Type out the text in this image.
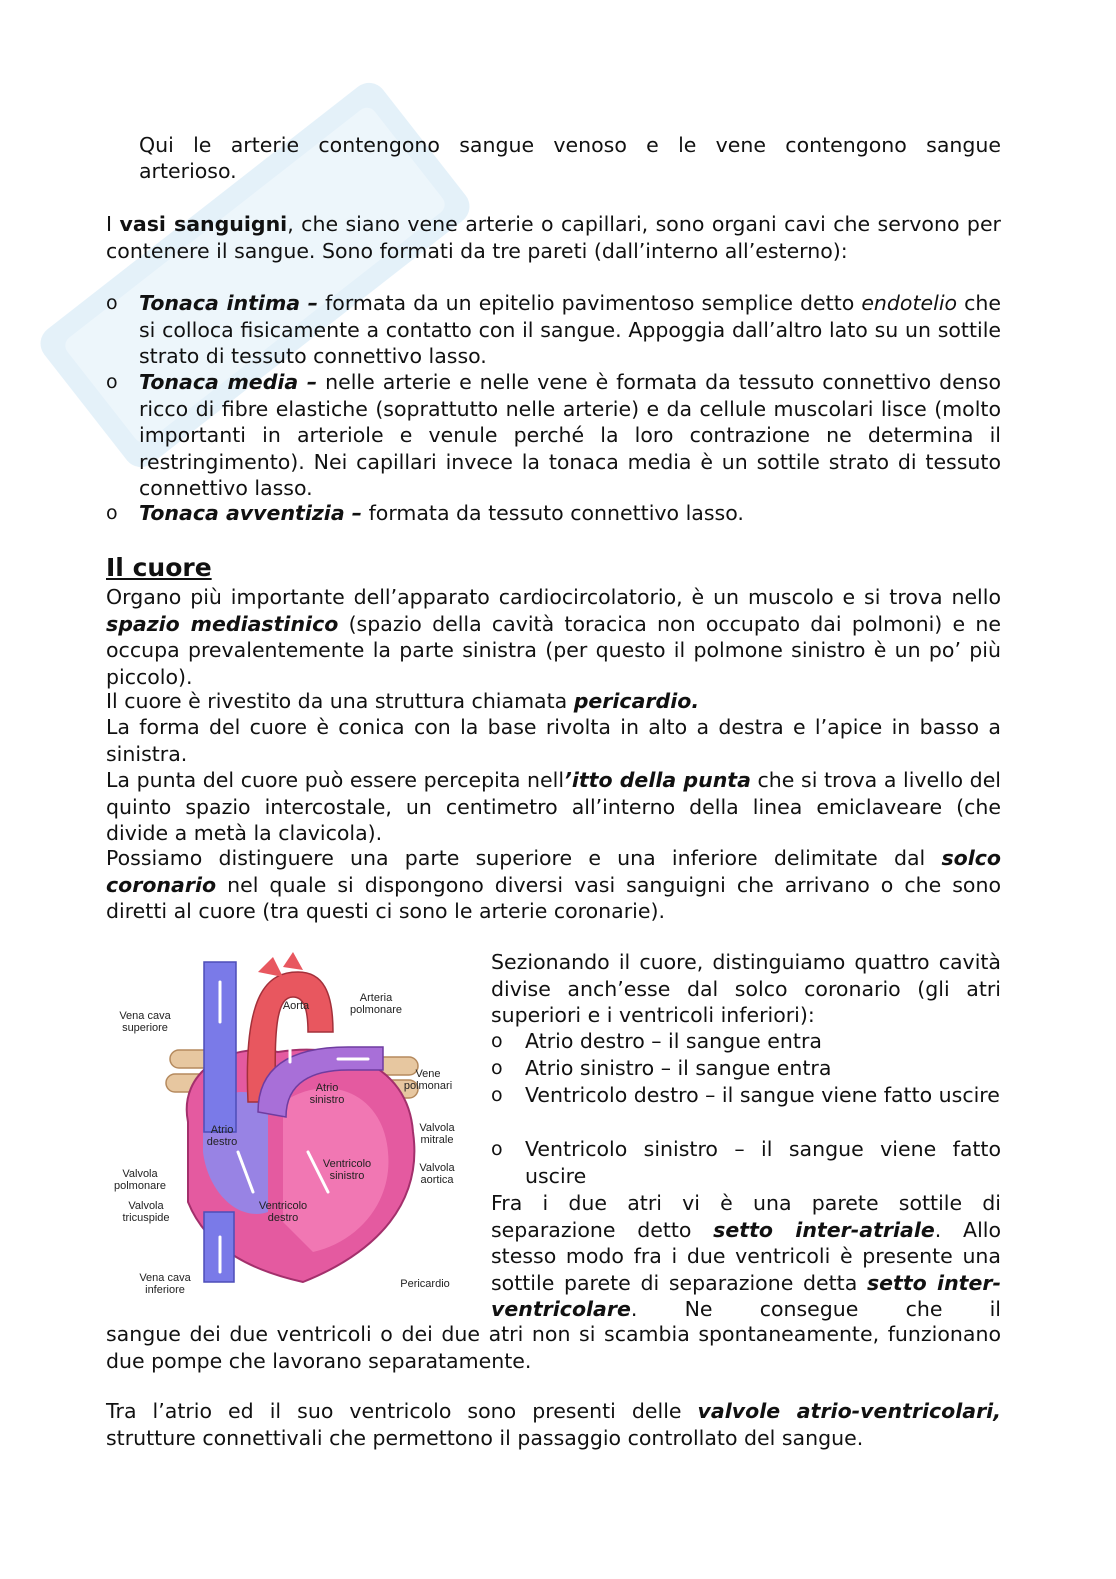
Qui le arterie contengono sangue venoso e le vene contengono sangue
arterioso.
I vasi sanguigni, che siano vene arterie o capillari, sono organi cavi che servono per contenere il sangue. Sono formati da tre pareti (dall’interno all’esterno):
o Tonaca intima – formata da un epitelio pavimentoso semplice detto endotelio che si colloca fisicamente a contatto con il sangue. Appoggia dall’altro lato su un sottile strato di tessuto connettivo lasso.
o Tonaca media – nelle arterie e nelle vene è formata da tessuto connettivo denso ricco di fibre elastiche (soprattutto nelle arterie) e da cellule muscolari lisce (molto importanti in arteriole e venule perché la loro contrazione ne determina il restringimento). Nei capillari invece la tonaca media è un sottile strato di tessuto connettivo lasso.
o Tonaca avventizia – formata da tessuto connettivo lasso.
Il cuore
Organo più importante dell’apparato cardiocircolatorio, è un muscolo e si trova nello spazio mediastinico (spazio della cavità toracica non occupato dai polmoni) e ne occupa prevalentemente la parte sinistra (per questo il polmone sinistro è un po’ più piccolo).
Il cuore è rivestito da una struttura chiamata pericardio.
La forma del cuore è conica con la base rivolta in alto a destra e l’apice in basso a sinistra.
La punta del cuore può essere percepita nell’itto della punta che si trova a livello del quinto spazio intercostale, un centimetro all’interno della linea emiclaveare (che divide a metà la clavicola).
Possiamo distinguere una parte superiore e una inferiore delimitate dal solco coronario nel quale si dispongono diversi vasi sanguigni che arrivano o che sono diretti al cuore (tra questi ci sono le arterie coronarie).
Vena cava
superiore
Aorta
Arteria
polmonare
Vene
polmonari
Atrio
sinistro
Atrio
destro
Valvola
mitrale
Valvola
polmonare
Ventricolo
sinistro
Valvola
aortica
Valvola
tricuspide
Ventricolo
destro
Vena cava
inferiore	Pericardio
Sezionando il cuore, distinguiamo quattro cavità divise anch’esse dal solco coronario (gli atri superiori e i ventricoli inferiori):
o Atrio destro – il sangue entra
o Atrio sinistro – il sangue entra
o Ventricolo destro – il sangue viene fatto uscire
o Ventricolo sinistro – il sangue viene fatto uscire
Fra i due atri vi è una parete sottile di separazione detto setto inter-atriale. Allo stesso modo fra i due ventricoli è presente una sottile parete di separazione detta setto inter-ventricolare. Ne consegue che il
sangue dei due ventricoli o dei due atri non si scambia spontaneamente, funzionano due pompe che lavorano separatamente.
Tra l’atrio ed il suo ventricolo sono presenti delle valvole atrio-ventricolari, strutture connettivali che permettono il passaggio controllato del sangue.
